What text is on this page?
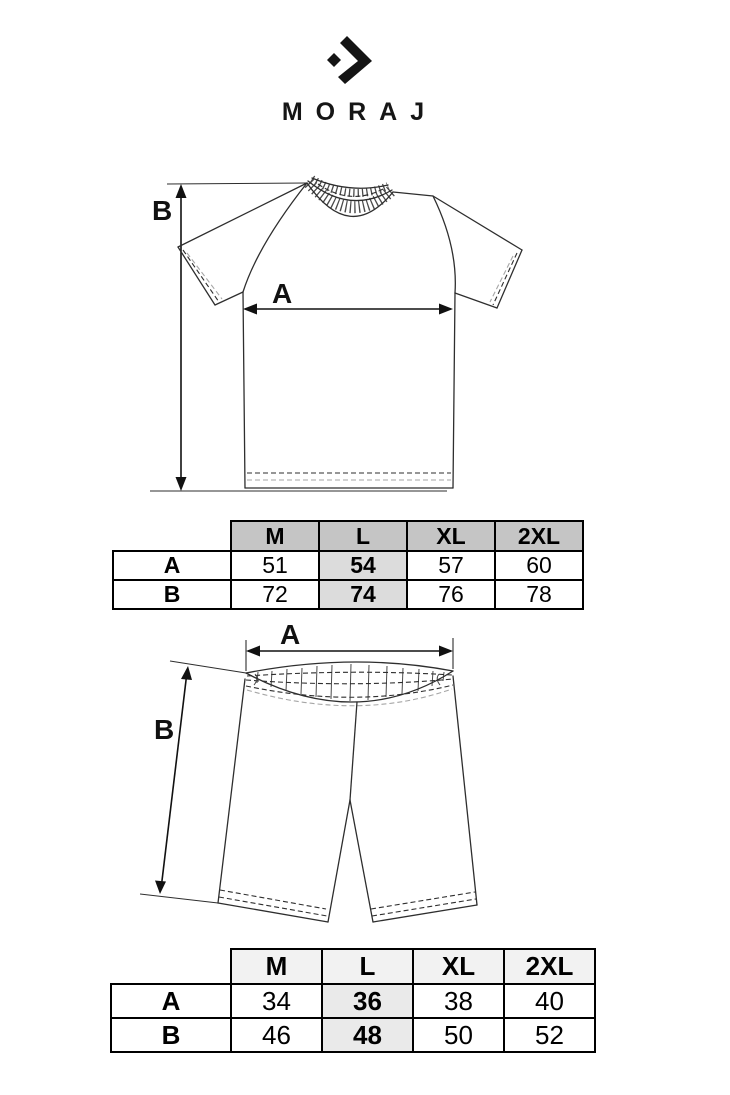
MORAJ
B
A
	M	L	XL	2XL
A	51	54	57	60
B	72	74	76	78
A
B
	M	L	XL	2XL
A	34	36	38	40
B	46	48	50	52
